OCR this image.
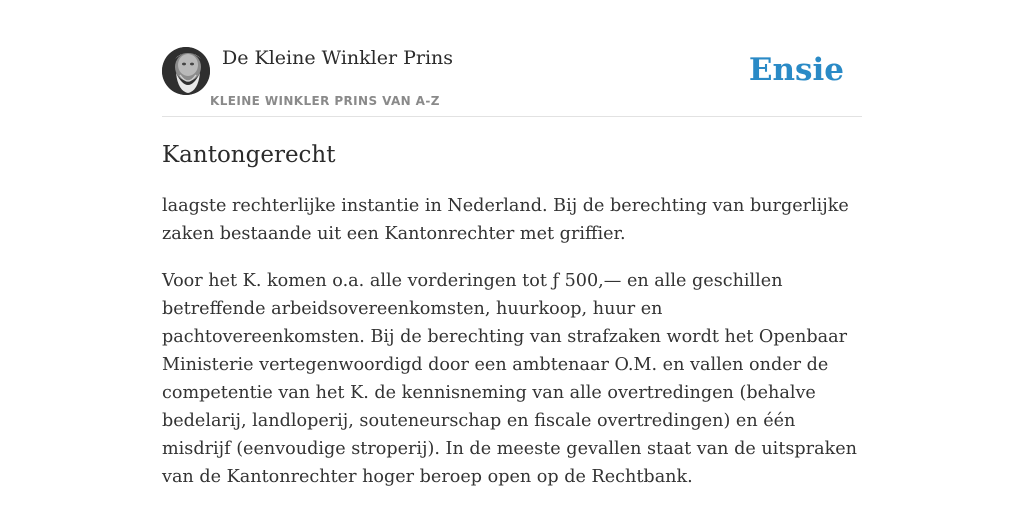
De Kleine Winkler Prins
KLEINE WINKLER PRINS VAN A-Z
Ensie
Kantongerecht

laagste rechterlijke instantie in Nederland. Bij de berechting van burgerlijke zaken bestaande uit een Kantonrechter met griffier.

Voor het K. komen o.a. alle vorderingen tot ƒ 500,— en alle geschillen betreffende arbeidsovereenkomsten, huurkoop, huur en pachtovereenkomsten. Bij de berechting van strafzaken wordt het Openbaar Ministerie vertegenwoordigd door een ambtenaar O.M. en vallen onder de competentie van het K. de kennisneming van alle overtredingen (behalve bedelarij, landloperij, souteneurschap en fiscale overtredingen) en één misdrijf (eenvoudige stroperij). In de meeste gevallen staat van de uitspraken van de Kantonrechter hoger beroep open op de Rechtbank.
